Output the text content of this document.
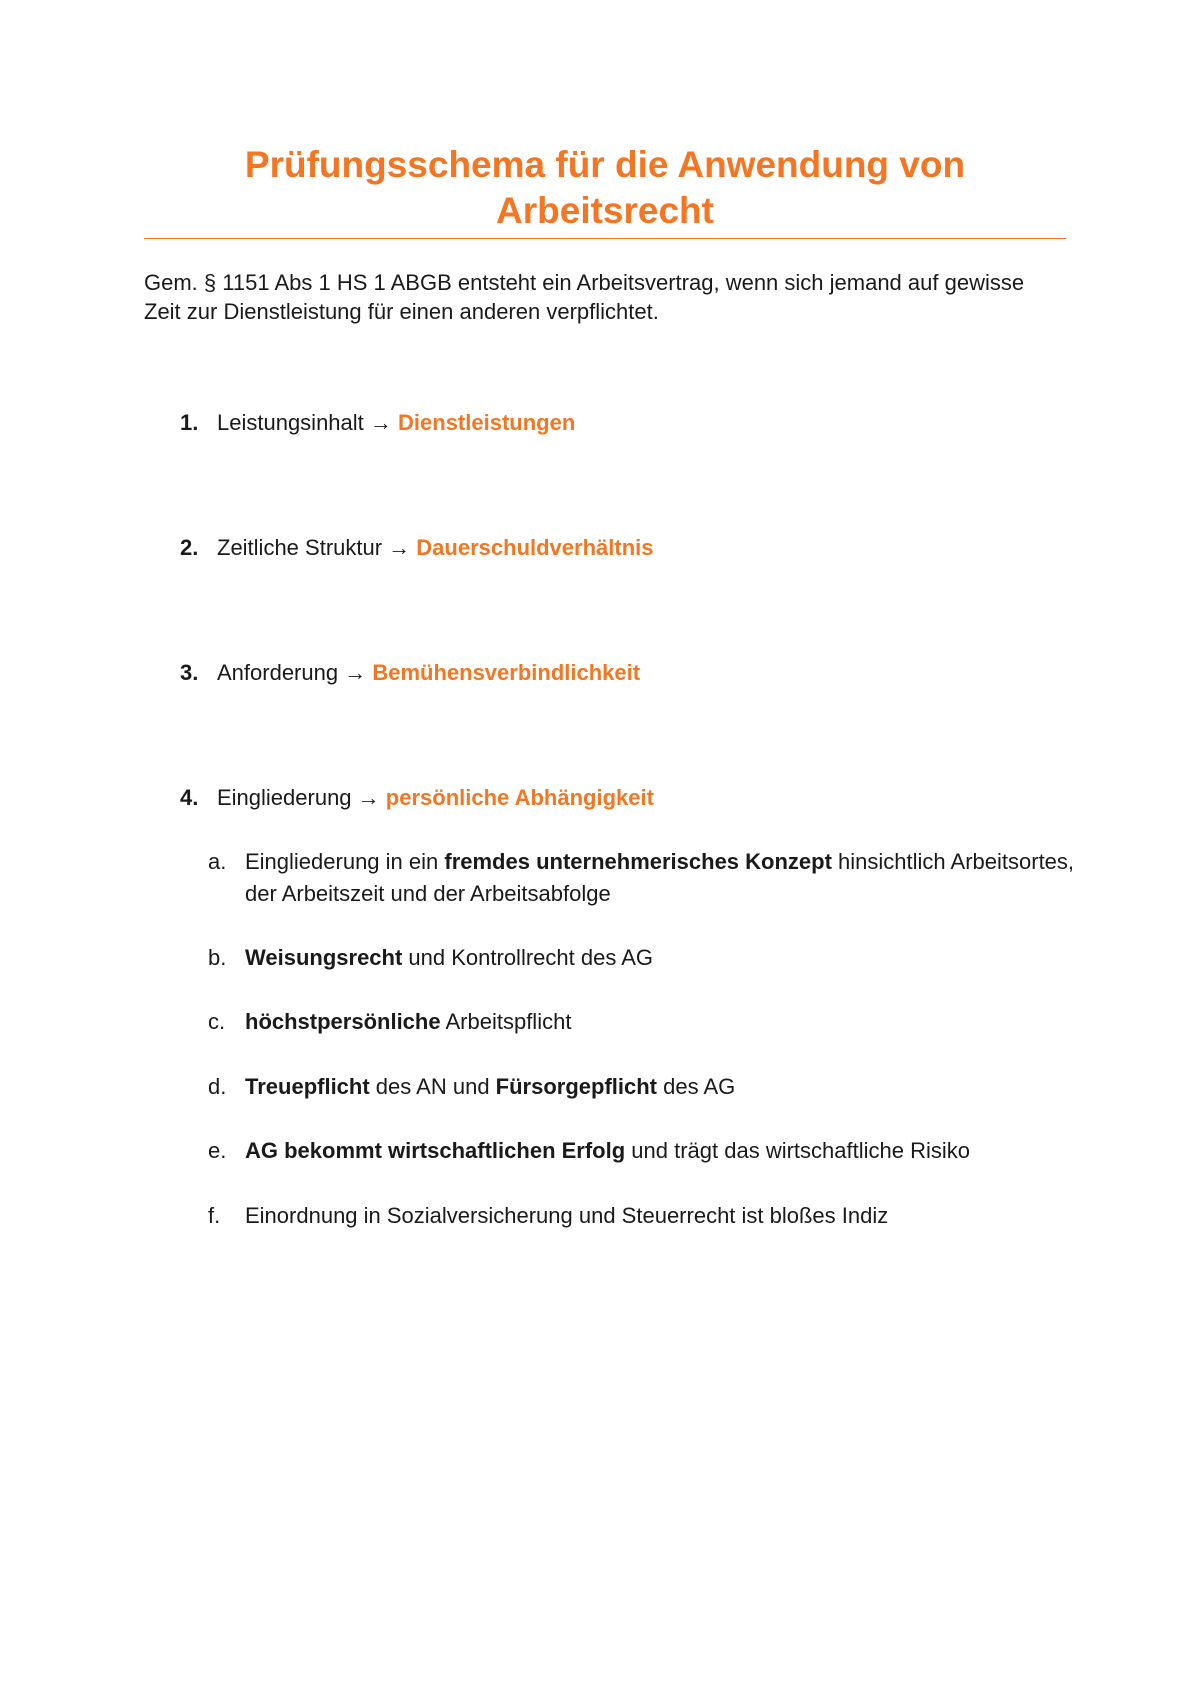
Prüfungsschema für die Anwendung von Arbeitsrecht

Gem. § 1151 Abs 1 HS 1 ABGB entsteht ein Arbeitsvertrag, wenn sich jemand auf gewisse Zeit zur Dienstleistung für einen anderen verpflichtet.

1. Leistungsinhalt → Dienstleistungen
2. Zeitliche Struktur → Dauerschuldverhältnis
3. Anforderung → Bemühensverbindlichkeit
4. Eingliederung → persönliche Abhängigkeit
a. Eingliederung in ein fremdes unternehmerisches Konzept hinsichtlich Arbeitsortes, der Arbeitszeit und der Arbeitsabfolge
b. Weisungsrecht und Kontrollrecht des AG
c. höchstpersönliche Arbeitspflicht
d. Treuepflicht des AN und Fürsorgepflicht des AG
e. AG bekommt wirtschaftlichen Erfolg und trägt das wirtschaftliche Risiko
f. Einordnung in Sozialversicherung und Steuerrecht ist bloßes Indiz
